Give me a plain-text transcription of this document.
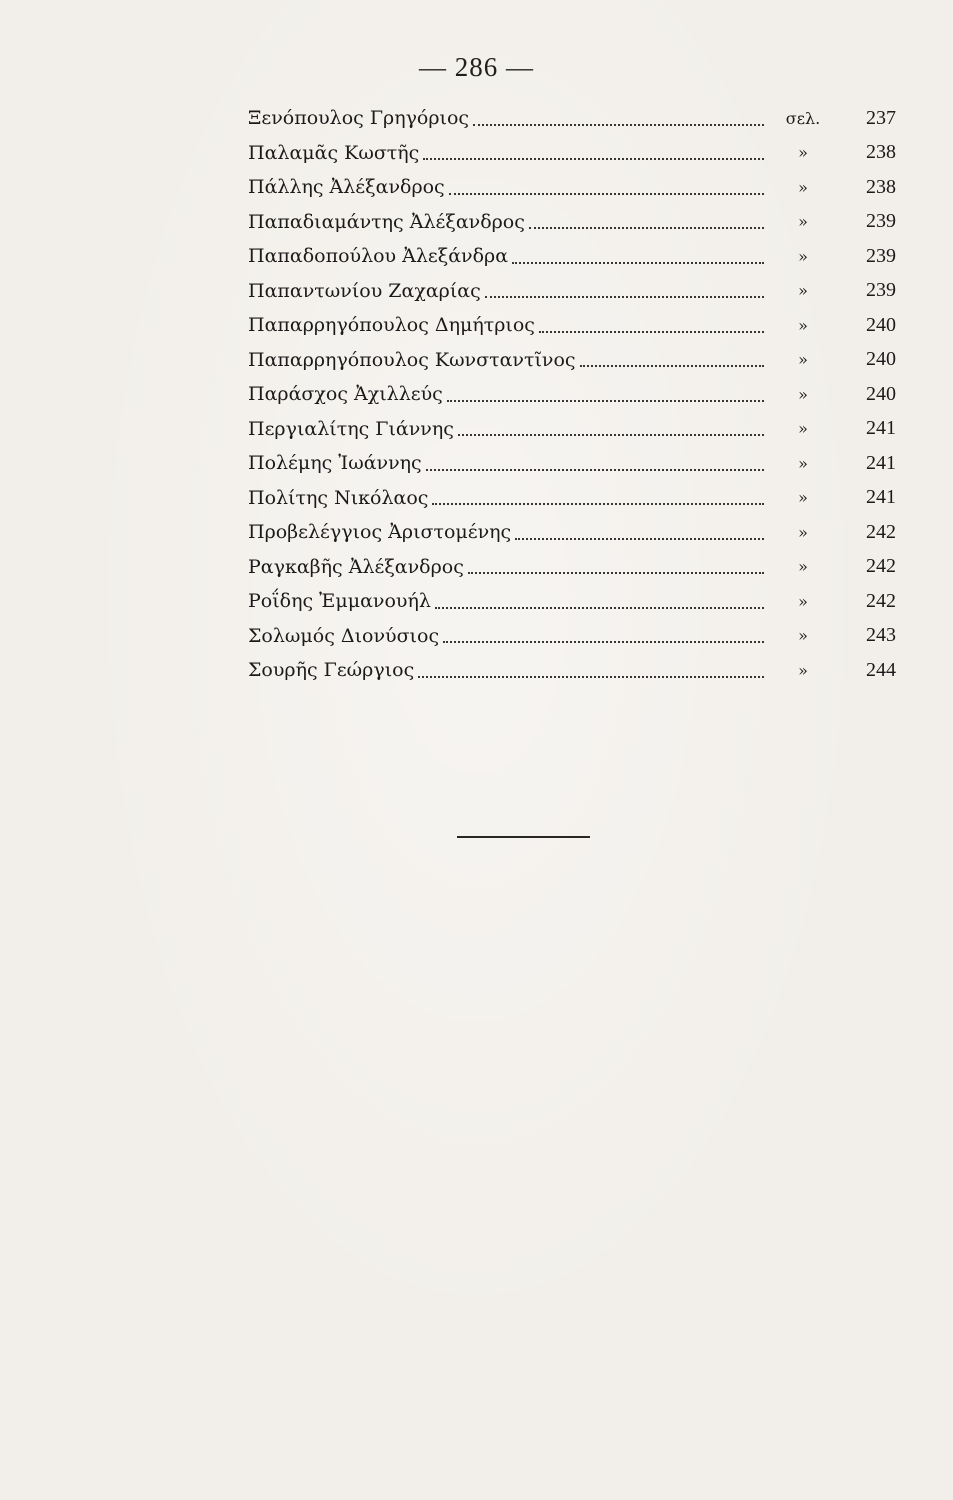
— 286 —
Ξενόπουλος Γρηγόριος	σελ.	237
Παλαμᾶς Κωστῆς	»	238
Πάλλης Ἀλέξανδρος	»	238
Παπαδιαμάντης Ἀλέξανδρος	»	239
Παπαδοπούλου Ἀλεξάνδρα	»	239
Παπαντωνίου Ζαχαρίας	»	239
Παπαρρηγόπουλος Δημήτριος	»	240
Παπαρρηγόπουλος Κωνσταντῖνος	»	240
Παράσχος Ἀχιλλεύς	»	240
Περγιαλίτης Γιάννης	»	241
Πολέμης Ἰωάννης	»	241
Πολίτης Νικόλαος	»	241
Προβελέγγιος Ἀριστομένης	»	242
Ραγκαβῆς Ἀλέξανδρος	»	242
Ροΐδης Ἐμμανουήλ	»	242
Σολωμός Διονύσιος	»	243
Σουρῆς Γεώργιος	»	244
